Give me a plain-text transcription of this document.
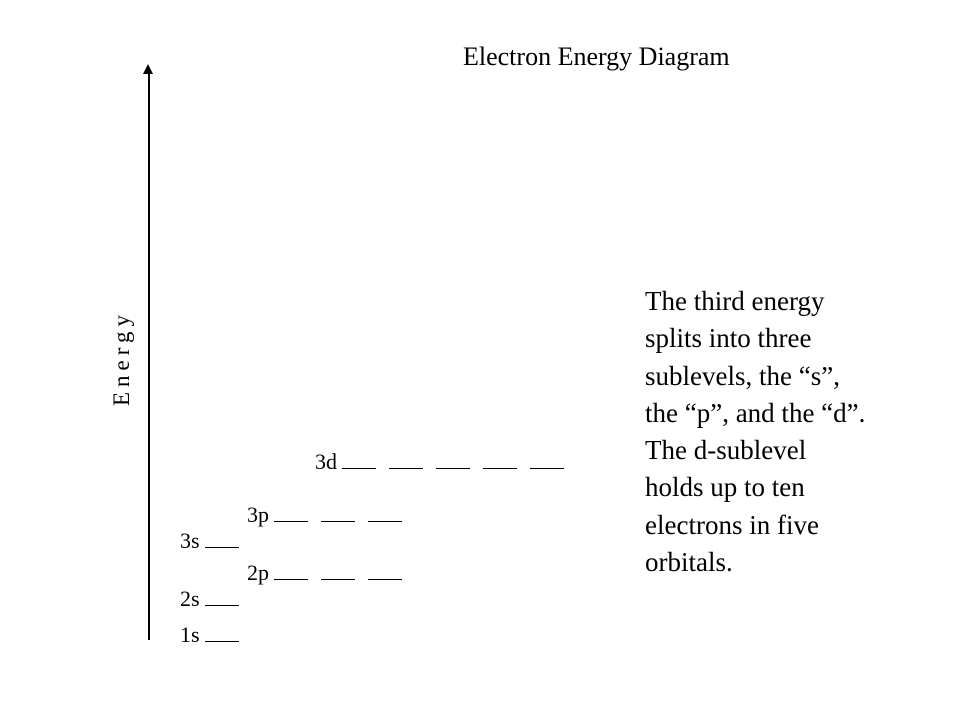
Electron Energy Diagram
Energy
1s
2s
2p
3s
3p
3d
The third energy
splits into three
sublevels, the “s”,
the “p”, and the “d”.
The d-sublevel
holds up to ten
electrons in five
orbitals.
